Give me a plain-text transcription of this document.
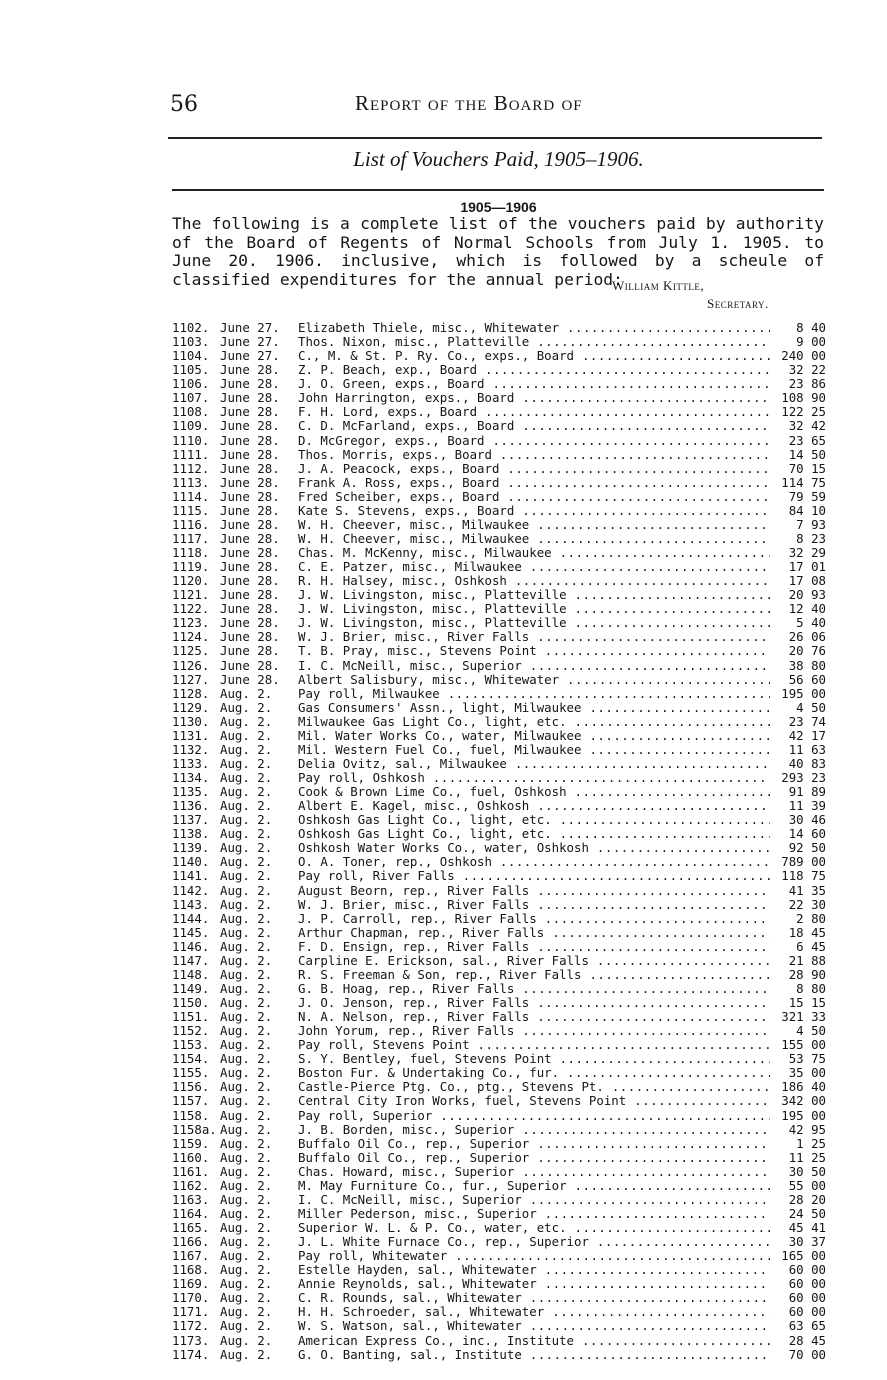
56	Report of the Board of
List of Vouchers Paid, 1905–1906.
1905—1906
The following is a complete list of the vouchers paid by authority of the Board of Regents of Normal Schools from July 1. 1905. to June 20. 1906. inclusive, which is followed by a scheule of classified expenditures for the annual period:
William Kittle,
Secretary.
1102. June 27.	Elizabeth Thiele, misc., Whitewater .....	8 40
1103. June 27.	Thos. Nixon, misc., Platteville .....	9 00
1104. June 27.	C., M. & St. P. Ry. Co., exps., Board .....	240 00
1105. June 28.	Z. P. Beach, exp., Board .....	32 22
1106. June 28.	J. O. Green, exps., Board .....	23 86
1107. June 28.	John Harrington, exps., Board .....	108 90
1108. June 28.	F. H. Lord, exps., Board .....	122 25
1109. June 28.	C. D. McFarland, exps., Board .....	32 42
1110. June 28.	D. McGregor, exps., Board .....	23 65
1111. June 28.	Thos. Morris, exps., Board .....	14 50
1112. June 28.	J. A. Peacock, exps., Board .....	70 15
1113. June 28.	Frank A. Ross, exps., Board .....	114 75
1114. June 28.	Fred Scheiber, exps., Board .....	79 59
1115. June 28.	Kate S. Stevens, exps., Board .....	84 10
1116. June 28.	W. H. Cheever, misc., Milwaukee .....	7 93
1117. June 28.	W. H. Cheever, misc., Milwaukee .....	8 23
1118. June 28.	Chas. M. McKenny, misc., Milwaukee .....	32 29
1119. June 28.	C. E. Patzer, misc., Milwaukee .....	17 01
1120. June 28.	R. H. Halsey, misc., Oshkosh .....	17 08
1121. June 28.	J. W. Livingston, misc., Platteville .....	20 93
1122. June 28.	J. W. Livingston, misc., Platteville .....	12 40
1123. June 28.	J. W. Livingston, misc., Platteville .....	5 40
1124. June 28.	W. J. Brier, misc., River Falls .....	26 06
1125. June 28.	T. B. Pray, misc., Stevens Point .....	20 76
1126. June 28.	I. C. McNeill, misc., Superior .....	38 80
1127. June 28.	Albert Salisbury, misc., Whitewater .....	56 60
1128. Aug. 2.	Pay roll, Milwaukee .....	195 00
1129. Aug. 2.	Gas Consumers' Assn., light, Milwaukee .....	4 50
1130. Aug. 2.	Milwaukee Gas Light Co., light, etc. .....	23 74
1131. Aug. 2.	Mil. Water Works Co., water, Milwaukee .....	42 17
1132. Aug. 2.	Mil. Western Fuel Co., fuel, Milwaukee .....	11 63
1133. Aug. 2.	Delia Ovitz, sal., Milwaukee .....	40 83
1134. Aug. 2.	Pay roll, Oshkosh .....	293 23
1135. Aug. 2.	Cook & Brown Lime Co., fuel, Oshkosh .....	91 89
1136. Aug. 2.	Albert E. Kagel, misc., Oshkosh .....	11 39
1137. Aug. 2.	Oshkosh Gas Light Co., light, etc. .....	30 46
1138. Aug. 2.	Oshkosh Gas Light Co., light, etc. .....	14 60
1139. Aug. 2.	Oshkosh Water Works Co., water, Oshkosh .....	92 50
1140. Aug. 2.	O. A. Toner, rep., Oshkosh .....	789 00
1141. Aug. 2.	Pay roll, River Falls .....	118 75
1142. Aug. 2.	August Beorn, rep., River Falls .....	41 35
1143. Aug. 2.	W. J. Brier, misc., River Falls .....	22 30
1144. Aug. 2.	J. P. Carroll, rep., River Falls .....	2 80
1145. Aug. 2.	Arthur Chapman, rep., River Falls .....	18 45
1146. Aug. 2.	F. D. Ensign, rep., River Falls .....	6 45
1147. Aug. 2.	Carpline E. Erickson, sal., River Falls .....	21 88
1148. Aug. 2.	R. S. Freeman & Son, rep., River Falls .....	28 90
1149. Aug. 2.	G. B. Hoag, rep., River Falls .....	8 80
1150. Aug. 2.	J. O. Jenson, rep., River Falls .....	15 15
1151. Aug. 2.	N. A. Nelson, rep., River Falls .....	321 33
1152. Aug. 2.	John Yorum, rep., River Falls .....	4 50
1153. Aug. 2.	Pay roll, Stevens Point .....	155 00
1154. Aug. 2.	S. Y. Bentley, fuel, Stevens Point .....	53 75
1155. Aug. 2.	Boston Fur. & Undertaking Co., fur. .....	35 00
1156. Aug. 2.	Castle-Pierce Ptg. Co., ptg., Stevens Pt. .....	186 40
1157. Aug. 2.	Central City Iron Works, fuel, Stevens Point .....	342 00
1158. Aug. 2.	Pay roll, Superior .....	195 00
1158a. Aug. 2.	J. B. Borden, misc., Superior .....	42 95
1159. Aug. 2.	Buffalo Oil Co., rep., Superior .....	1 25
1160. Aug. 2.	Buffalo Oil Co., rep., Superior .....	11 25
1161. Aug. 2.	Chas. Howard, misc., Superior .....	30 50
1162. Aug. 2.	M. May Furniture Co., fur., Superior .....	55 00
1163. Aug. 2.	I. C. McNeill, misc., Superior .....	28 20
1164. Aug. 2.	Miller Pederson, misc., Superior .....	24 50
1165. Aug. 2.	Superior W. L. & P. Co., water, etc. .....	45 41
1166. Aug. 2.	J. L. White Furnace Co., rep., Superior .....	30 37
1167. Aug. 2.	Pay roll, Whitewater .....	165 00
1168. Aug. 2.	Estelle Hayden, sal., Whitewater .....	60 00
1169. Aug. 2.	Annie Reynolds, sal., Whitewater .....	60 00
1170. Aug. 2.	C. R. Rounds, sal., Whitewater .....	60 00
1171. Aug. 2.	H. H. Schroeder, sal., Whitewater .....	60 00
1172. Aug. 2.	W. S. Watson, sal., Whitewater .....	63 65
1173. Aug. 2.	American Express Co., inc., Institute .....	28 45
1174. Aug. 2.	G. O. Banting, sal., Institute .....	70 00
